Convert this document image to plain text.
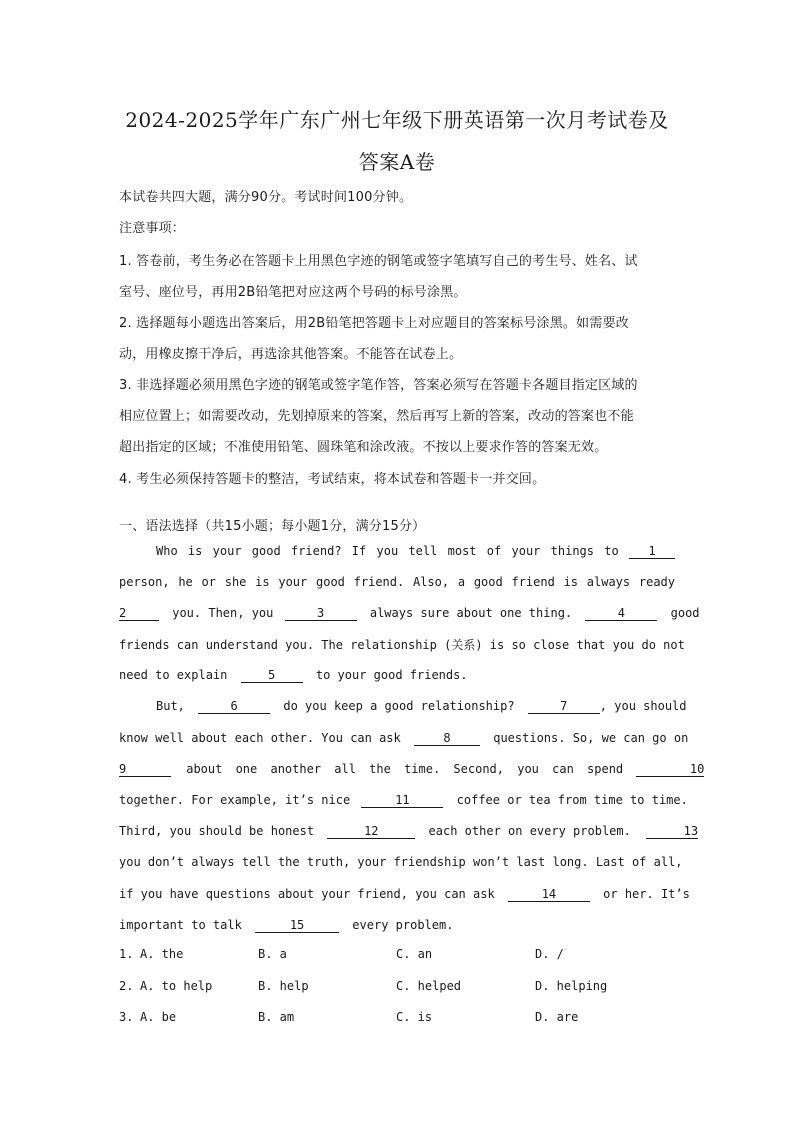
2024-2025学年广东广州七年级下册英语第一次月考试卷及
答案A卷
本试卷共四大题，满分90分。考试时间100分钟。
注意事项：
1. 答卷前，考生务必在答题卡上用黑色字迹的钢笔或签字笔填写自己的考生号、姓名、试
室号、座位号，再用2B铅笔把对应这两个号码的标号涂黑。
2. 选择题每小题选出答案后，用2B铅笔把答题卡上对应题目的答案标号涂黑。如需要改
动，用橡皮擦干净后，再选涂其他答案。不能答在试卷上。
3. 非选择题必须用黑色字迹的钢笔或签字笔作答，答案必须写在答题卡各题目指定区域的
相应位置上；如需要改动，先划掉原来的答案，然后再写上新的答案，改动的答案也不能
超出指定的区域；不准使用铅笔、圆珠笔和涂改液。不按以上要求作答的答案无效。
4. 考生必须保持答题卡的整洁，考试结束，将本试卷和答题卡一并交回。
一、语法选择（共15小题；每小题1分，满分15分）
Who is your good friend? If you tell most of your things to 1
person, he or she is your good friend. Also, a good friend is always ready
2	you. Then, you	3	always sure about one thing.	4	good
friends can understand you. The relationship (关系) is so close that you do not
need to explain	5	to your good friends.
But,	6	do you keep a good relationship?	7	, you should
know well about each other. You can ask	8	questions. So, we can go on
9	about one another all the time. Second, you can spend	10
together. For example, it’s nice	11	coffee or tea from time to time.
Third, you should be honest	12	each other on every problem.	13
you don’t always tell the truth, your friendship won’t last long. Last of all,
if you have questions about your friend, you can ask	14	or her. It’s
important to talk	15	every problem.
1. A. the	B. a	C. an	D. /
2. A. to help	B. help	C. helped	D. helping
3. A. be	B. am	C. is	D. are
